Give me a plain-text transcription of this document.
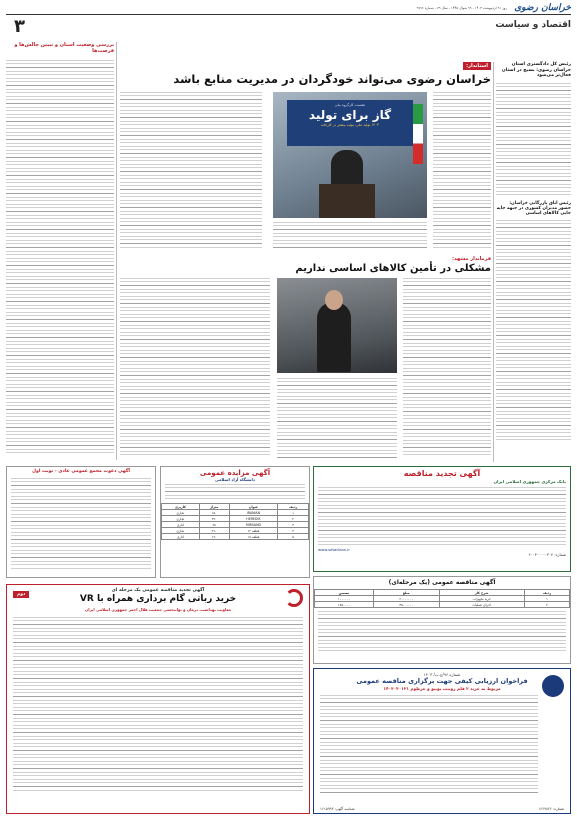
خراسان رضوی
روز ۹۱ اردیبهشت ۱۴۰۳ - ۹۹ شوال ۱۴۴۵ - سال ۷۹ - شماره ۹۷۹۶
۳	اقتصاد و سیاست
بررسی وضعیت استان و تبیین چالش‌ها و فرصت‌ها
رئیس کل دادگستری استان خراسان رضوی: بسیج در استان فعال‌تر می‌شود
رئیس اتاق بازرگانی خراسان: حضور مدیران کشوری در جبهه جایه جایی کالاهای اساسی
استاندار:
خراسان رضوی می‌تواند خودگردان در مدیریت منابع باشد
نشست کارگروه ملی
گاز برای تولید
۱۴۰۳ تولید ملی، تولید بیشتر در کارخانه
فرماندار مشهد:
مشکلی در تأمین کالاهای اساسی نداریم
آگهی تجدید مناقصه
بانک مرکزی جمهوری اسلامی ایران
www.setadiran.ir
شماره: ۲۰۰۳۰۰۰۰۰۳۰۴
آگهی مزایده عمومی
دانشگاه آزاد اسلامی
ردیف	عنوان	متراژ	کاربری
۱	IRANIAN	۱۵۰	تجاری
۲	HEREDIE	۲۴۰	تجاری
۳	MIRSAND	۹۸	اداری
۴	قطعه ۱۲	۳۱۰	تجاری
۵	قطعه ۱۸	۱۹۰	اداری
آگهی دعوت مجمع عمومی عادی - نوبت اول
آگهی مناقصه عمومی (یک مرحله‌ای)
ردیف	شرح کار	مبلغ	تضمین
۱	خرید تجهیزات	۲۰۰۰۰۰۰۰	۱۰۰۰۰۰۰
۲	اجرای عملیات	۳۵۰۰۰۰۰۰	۱۷۵۰۰۰۰
آگهی تجدید مناقصه عمومی یک مرحله ای
خرید رباتی گام برداری همراه با VR
دوم
معاونت بهداشت، درمان و توانبخشی جمعیت هلال احمر جمهوری اسلامی ایران
شماره ۹۶/ج.ب/ ۱۴۰۳
فراخوان ارزیابی کیفی جهت برگزاری مناقصه عمومی
مربوط به خرید ۲ قلم روتیب یونیو و خرطوم ۱۴۰۳۰۳۰۱۲۱
شناسه آگهی: ۱۶۱۵۹۹۳	شماره: ۱۶۶۹۸۲۶
